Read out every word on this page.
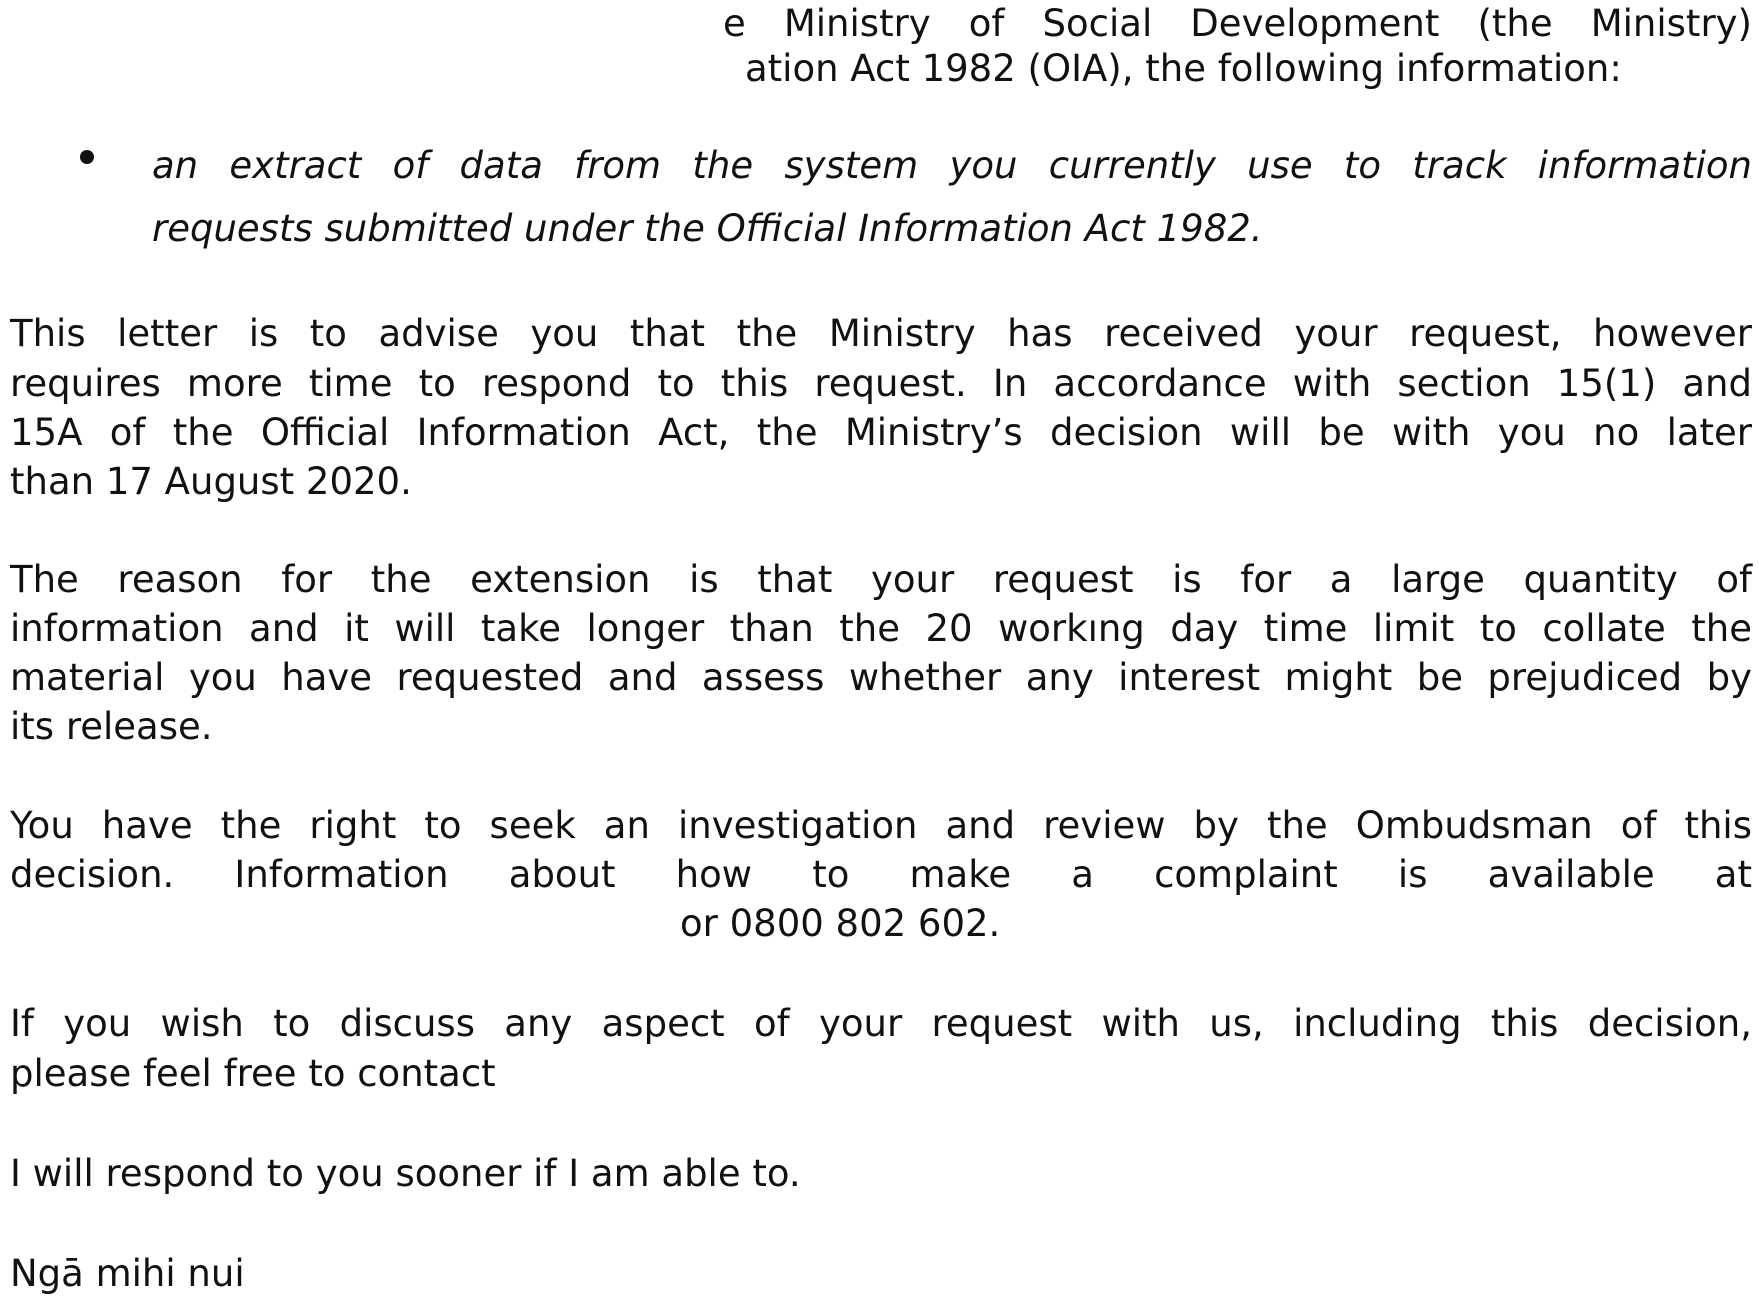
e Ministry of Social Development (the Ministry)
ation Act 1982 (OIA), the following information:
an extract of data from the system you currently use to track information
requests submitted under the Official Information Act 1982.
This letter is to advise you that the Ministry has received your request, however
requires more time to respond to this request. In accordance with section 15(1) and
15A of the Official Information Act, the Ministry’s decision will be with you no later
than 17 August 2020.
The reason for the extension is that your request is for a large quantity of
information and it will take longer than the 20 workıng day time limit to collate the
material you have requested and assess whether any interest might be prejudiced by
its release.
You have the right to seek an investigation and review by the Ombudsman of this
decision. Information about how to make a complaint is available at
or 0800 802 602.
If you wish to discuss any aspect of your request with us, including this decision,
please feel free to contact
I will respond to you sooner if I am able to.
Ngā mihi nui
